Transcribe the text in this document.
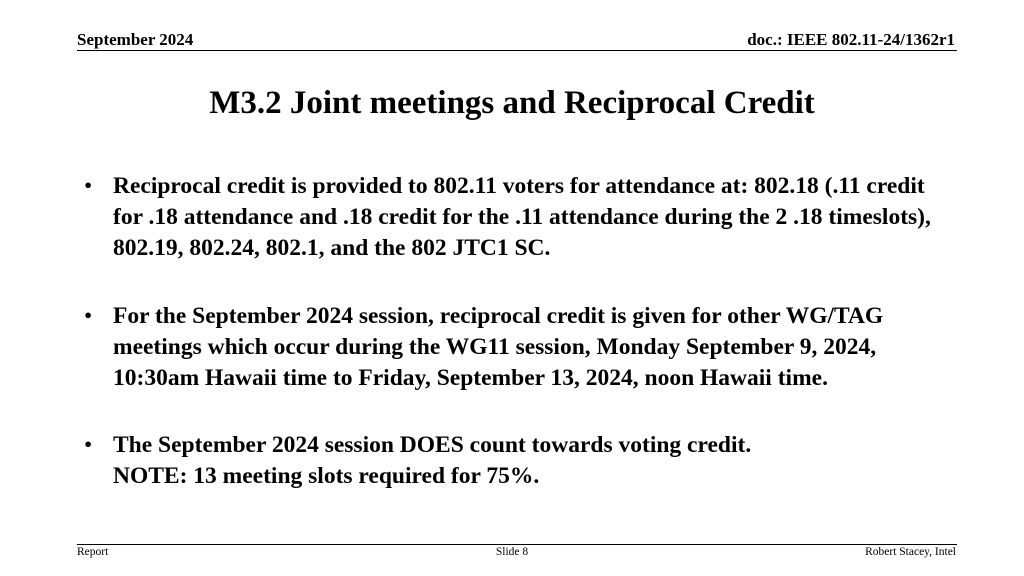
September 2024	doc.: IEEE 802.11-24/1362r1
M3.2 Joint meetings and Reciprocal Credit
• Reciprocal credit is provided to 802.11 voters for attendance at: 802.18 (.11 credit for .18 attendance and .18 credit for the .11 attendance during the 2 .18 timeslots), 802.19, 802.24, 802.1, and the 802 JTC1 SC.
• For the September 2024 session, reciprocal credit is given for other WG/TAG meetings which occur during the WG11 session, Monday September 9, 2024, 10:30am Hawaii time to Friday, September 13, 2024, noon Hawaii time.
• The September 2024 session DOES count towards voting credit.
NOTE: 13 meeting slots required for 75%.
Report	Slide 8	Robert Stacey, Intel
